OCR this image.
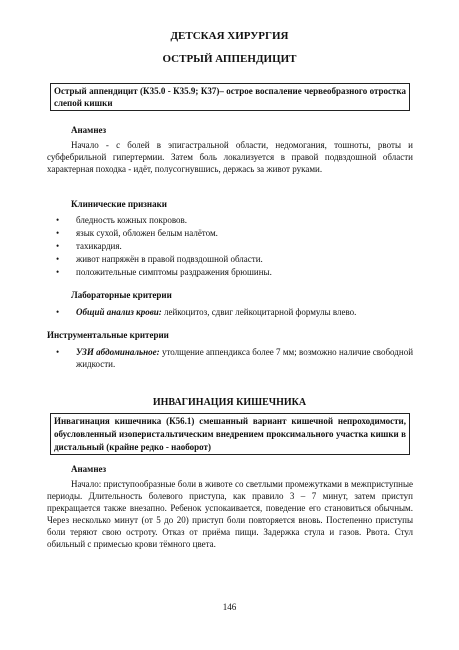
ДЕТСКАЯ ХИРУРГИЯ
ОСТРЫЙ АППЕНДИЦИТ
Острый аппендицит (К35.0 - К35.9; К37)– острое воспаление червеобразного отростка слепой кишки
Анамнез
Начало - с болей в эпигастральной области, недомогания, тошноты, рвоты и субфебрильной гипертермии. Затем боль локализуется в правой подвздошной области характерная походка - идёт, полусогнувшись, держась за живот руками.
Клинические признаки
• бледность кожных покровов.
• язык сухой, обложен белым налётом.
• тахикардия.
• живот напряжён в правой подвздошной области.
• положительные симптомы раздражения брюшины.
Лабораторные критерии
• Общий анализ крови: лейкоцитоз, сдвиг лейкоцитарной формулы влево.
Инструментальные критерии
• УЗИ абдоминальное: утолщение аппендикса более 7 мм; возможно наличие свободной жидкости.
ИНВАГИНАЦИЯ КИШЕЧНИКА
Инвагинация кишечника (К56.1) смешанный вариант кишечной непроходимости, обусловленный изоперистальтическим внедрением проксимального участка кишки в дистальный (крайне редко - наоборот)
Анамнез
Начало: приступообразные боли в животе со светлыми промежутками в межприступные периоды. Длительность болевого приступа, как правило 3 – 7 минут, затем приступ прекращается также внезапно. Ребенок успокаивается, поведение его становиться обычным. Через несколько минут (от 5 до 20) приступ боли повторяется вновь. Постепенно приступы боли теряют свою остроту. Отказ от приёма пищи. Задержка стула и газов. Рвота. Стул обильный с примесью крови тёмного цвета.
146
